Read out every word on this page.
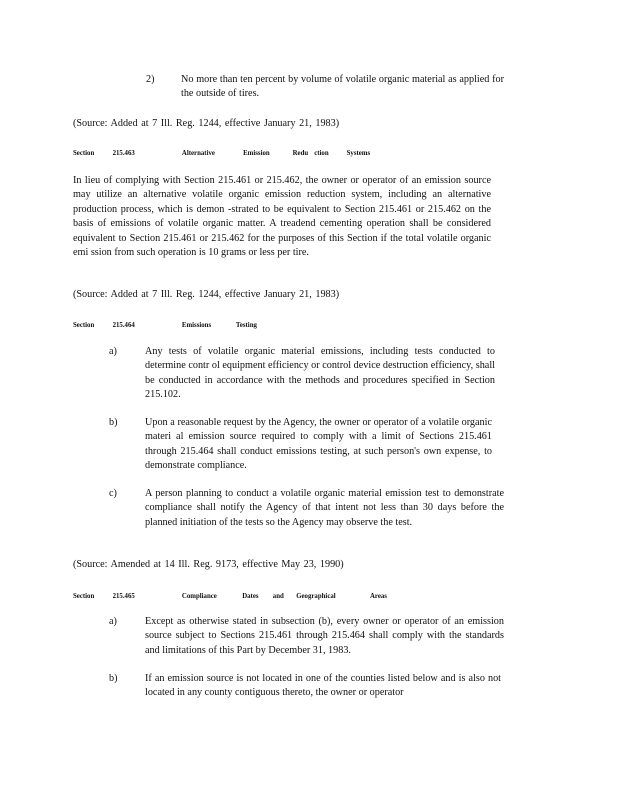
2)	No more than ten percent by volume of volatile organic material as applied for the outside of tires.
(Source: Added at 7 Ill. Reg. 1244, effective January 21, 1983)
Section 215.463	Alternative	Emission	Redu ction Systems
In lieu of complying with Section 215.461 or 215.462, the owner or operator of an emission source may utilize an alternative volatile organic emission reduction system, including an alternative production process, which is demon -strated to be equivalent to Section 215.461 or 215.462 on the basis of emissions of volatile organic matter. A treadend cementing operation shall be considered equivalent to Section 215.461 or 215.462 for the purposes of this Section if the total volatile organic emi ssion from such operation is 10 grams or less per tire.
(Source: Added at 7 Ill. Reg. 1244, effective January 21, 1983)
Section 215.464	Emissions	Testing
a)	Any tests of volatile organic material emissions, including tests conducted to determine contr ol equipment efficiency or control device destruction efficiency, shall be conducted in accordance with the methods and procedures specified in Section 215.102.
b)	Upon a reasonable request by the Agency, the owner or operator of a volatile organic materi al emission source required to comply with a limit of Sections 215.461 through 215.464 shall conduct emissions testing, at such person's own expense, to demonstrate compliance.
c)	A person planning to conduct a volatile organic material emission test to demonstrate compliance shall notify the Agency of that intent not less than 30 days before the planned initiation of the tests so the Agency may observe the test.
(Source: Amended at 14 Ill. Reg. 9173, effective May 23, 1990)
Section 215.465	Compliance	Dates and Geographical	Areas
a)	Except as otherwise stated in subsection (b), every owner or operator of an emission source subject to Sections 215.461 through 215.464 shall comply with the standards and limitations of this Part by December 31, 1983.
b)	If an emission source is not located in one of the counties listed below and is also not located in any county contiguous thereto, the owner or operator
